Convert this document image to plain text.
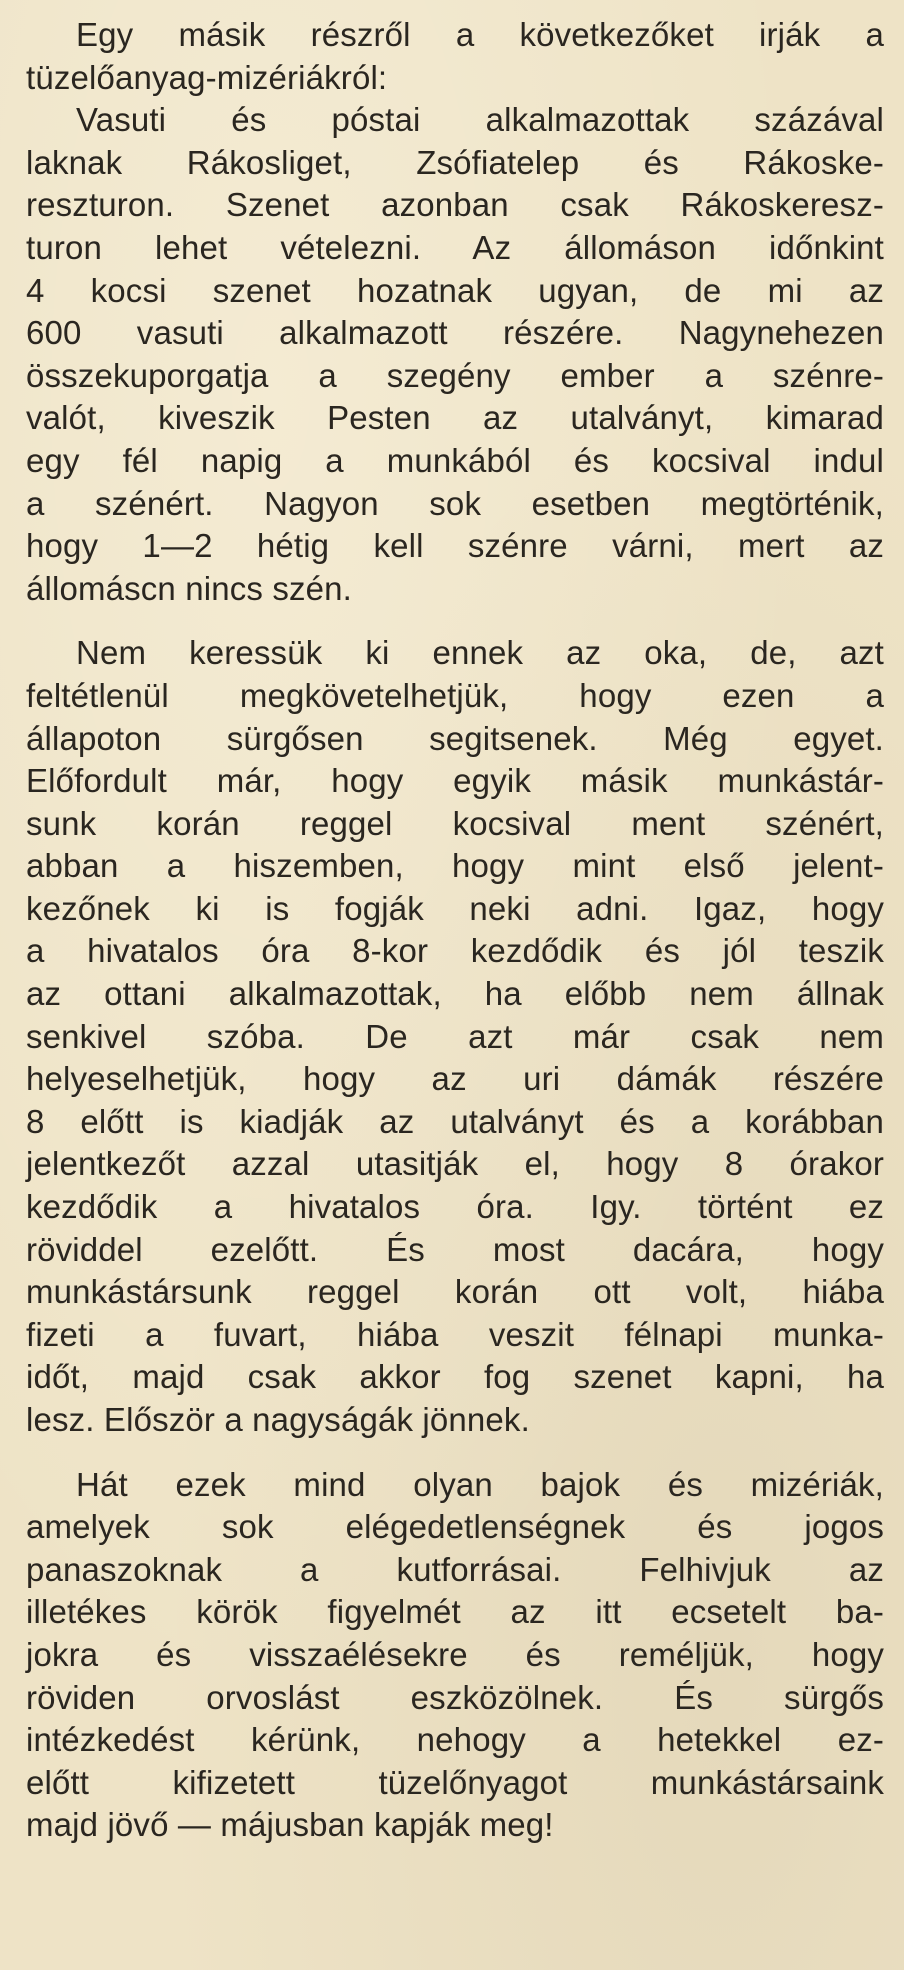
Egy másik részről a következőket irják a
tüzelőanyag-mizériákról:
Vasuti és póstai alkalmazottak százával
laknak Rákosliget, Zsófiatelep és Rákoske-
reszturon. Szenet azonban csak Rákoskeresz-
turon lehet vételezni. Az állomáson időnkint
4 kocsi szenet hozatnak ugyan, de mi az
600 vasuti alkalmazott részére. Nagynehezen
összekuporgatja a szegény ember a szénre-
valót, kiveszik Pesten az utalványt, kimarad
egy fél napig a munkából és kocsival indul
a szénért. Nagyon sok esetben megtörténik,
hogy 1—2 hétig kell szénre várni, mert az
állomáscn nincs szén.
Nem keressük ki ennek az oka, de, azt
feltétlenül megkövetelhetjük, hogy ezen a
állapoton sürgősen segitsenek. Még egyet.
Előfordult már, hogy egyik másik munkástár-
sunk korán reggel kocsival ment szénért,
abban a hiszemben, hogy mint első jelent-
kezőnek ki is fogják neki adni. Igaz, hogy
a hivatalos óra 8-kor kezdődik és jól teszik
az ottani alkalmazottak, ha előbb nem állnak
senkivel szóba. De azt már csak nem
helyeselhetjük, hogy az uri dámák részére
8 előtt is kiadják az utalványt és a korábban
jelentkezőt azzal utasitják el, hogy 8 órakor
kezdődik a hivatalos óra. Igy. történt ez
röviddel ezelőtt. És most dacára, hogy
munkástársunk reggel korán ott volt, hiába
fizeti a fuvart, hiába veszit félnapi munka-
időt, majd csak akkor fog szenet kapni, ha
lesz. Először a nagyságák jönnek.
Hát ezek mind olyan bajok és mizériák,
amelyek sok elégedetlenségnek és jogos
panaszoknak a kutforrásai. Felhivjuk az
illetékes körök figyelmét az itt ecsetelt ba-
jokra és visszaélésekre és reméljük, hogy
röviden orvoslást eszközölnek. És sürgős
intézkedést kérünk, nehogy a hetekkel ez-
előtt kifizetett tüzelőnyagot munkástársaink
majd jövő — májusban kapják meg!
